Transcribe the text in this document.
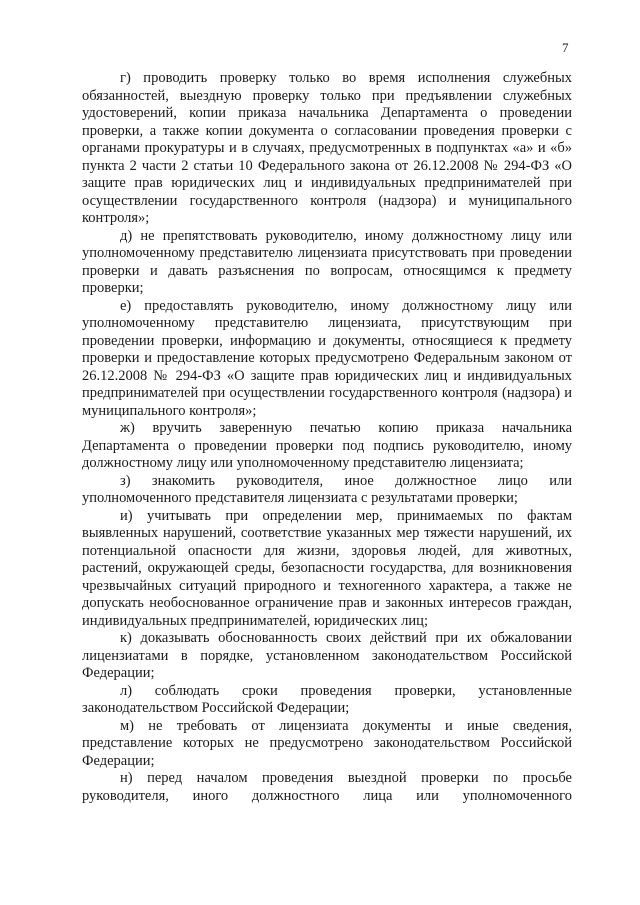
7

г) проводить проверку только во время исполнения служебных обязанностей, выездную проверку только при предъявлении служебных удостоверений, копии приказа начальника Департамента о проведении проверки, а также копии документа о согласовании проведения проверки с органами прокуратуры и в случаях, предусмотренных в подпунктах «а» и «б» пункта 2 части 2 статьи 10 Федерального закона от 26.12.2008 № 294-ФЗ «О защите прав юридических лиц и индивидуальных предпринимателей при осуществлении государственного контроля (надзора) и муниципального контроля»;

д) не препятствовать руководителю, иному должностному лицу или уполномоченному представителю лицензиата присутствовать при проведении проверки и давать разъяснения по вопросам, относящимся к предмету проверки;

е) предоставлять руководителю, иному должностному лицу или уполномоченному представителю лицензиата, присутствующим при проведении проверки, информацию и документы, относящиеся к предмету проверки и предоставление которых предусмотрено Федеральным законом от 26.12.2008 № 294-ФЗ «О защите прав юридических лиц и индивидуальных предпринимателей при осуществлении государственного контроля (надзора) и муниципального контроля»;

ж) вручить заверенную печатью копию приказа начальника Департамента о проведении проверки под подпись руководителю, иному должностному лицу или уполномоченному представителю лицензиата;

з) знакомить руководителя, иное должностное лицо или уполномоченного представителя лицензиата с результатами проверки;

и) учитывать при определении мер, принимаемых по фактам выявленных нарушений, соответствие указанных мер тяжести нарушений, их потенциальной опасности для жизни, здоровья людей, для животных, растений, окружающей среды, безопасности государства, для возникновения чрезвычайных ситуаций природного и техногенного характера, а также не допускать необоснованное ограничение прав и законных интересов граждан, индивидуальных предпринимателей, юридических лиц;

к) доказывать обоснованность своих действий при их обжаловании лицензиатами в порядке, установленном законодательством Российской Федерации;

л) соблюдать сроки проведения проверки, установленные законодательством Российской Федерации;

м) не требовать от лицензиата документы и иные сведения, представление которых не предусмотрено законодательством Российской Федерации;

н) перед началом проведения выездной проверки по просьбе руководителя, иного должностного лица или уполномоченного
